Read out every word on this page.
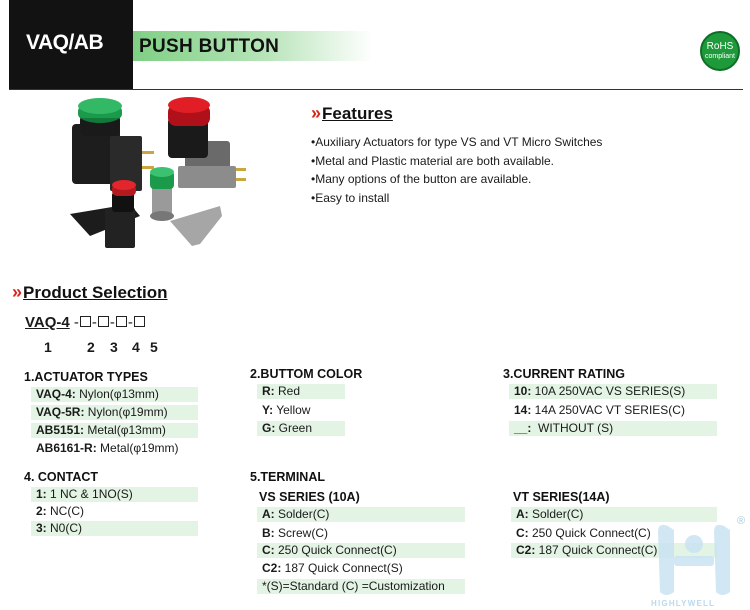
VAQ/AB PUSH BUTTON	RoHS
compliant
» Features
•Auxiliary Actuators for type VS and VT Micro Switches
•Metal and Plastic material are both available.
•Many options of the button are available.
•Easy to install
» Product Selection
VAQ-4 - - - -
1	2 3 4 5
1.ACTUATOR TYPES
VAQ-4: Nylon(φ13mm)
VAQ-5R: Nylon(φ19mm)
AB5151: Metal(φ13mm)
AB6161-R: Metal(φ19mm)
2.BUTTOM COLOR
R: Red
Y: Yellow
G: Green
3.CURRENT RATING
10: 10A 250VAC VS SERIES(S)
14: 14A 250VAC VT SERIES(C)
__:  WITHOUT (S)
4. CONTACT
1: 1 NC & 1NO(S)
2: NC(C)
3: N0(C)
5.TERMINAL
VS SERIES (10A)
A: Solder(C)
B: Screw(C)
C: 250 Quick Connect(C)
C2: 187 Quick Connect(S)
*(S)=Standard (C) =Customization
VT SERIES(14A)
A: Solder(C)
C: 250 Quick Connect(C)
C2: 187 Quick Connect(C)
HIGHLYWELL
®
